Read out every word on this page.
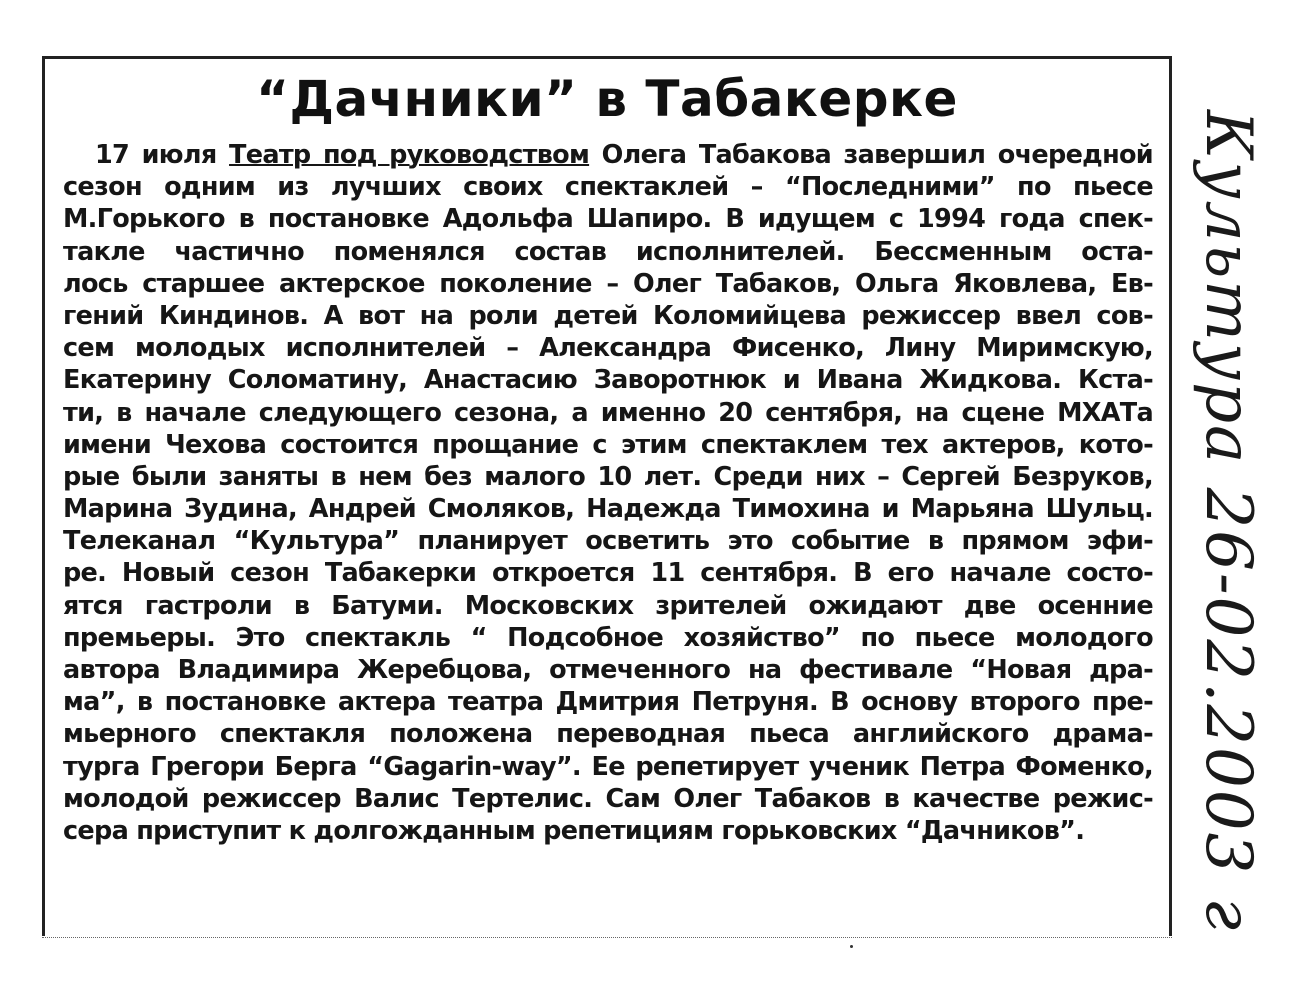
“Дачники” в Табакерке
17 июля Театр под руководством Олега Табакова завершил очередной
сезон одним из лучших своих спектаклей – “Последними” по пьесе
М.Горького в постановке Адольфа Шапиро. В идущем с 1994 года спек-
такле частично поменялся состав исполнителей. Бессменным оста-
лось старшее актерское поколение – Олег Табаков, Ольга Яковлева, Ев-
гений Киндинов. А вот на роли детей Коломийцева режиссер ввел сов-
сем молодых исполнителей – Александра Фисенко, Лину Миримскую,
Екатерину Соломатину, Анастасию Заворотнюк и Ивана Жидкова. Кста-
ти, в начале следующего сезона, а именно 20 сентября, на сцене МХАТа
имени Чехова состоится прощание с этим спектаклем тех актеров, кото-
рые были заняты в нем без малого 10 лет. Среди них – Сергей Безруков,
Марина Зудина, Андрей Смоляков, Надежда Тимохина и Марьяна Шульц.
Телеканал “Культура” планирует осветить это событие в прямом эфи-
ре. Новый сезон Табакерки откроется 11 сентября. В его начале состо-
ятся гастроли в Батуми. Московских зрителей ожидают две осенние
премьеры. Это спектакль “ Подсобное хозяйство” по пьесе молодого
автора Владимира Жеребцова, отмеченного на фестивале “Новая дра-
ма”, в постановке актера театра Дмитрия Петруня. В основу второго пре-
мьерного спектакля положена переводная пьеса английского драма-
турга Грегори Берга “Gagarin-way”. Ее репетирует ученик Петра Фоменко,
молодой режиссер Валис Тертелис. Сам Олег Табаков в качестве режис-
сера приступит к долгожданным репетициям горьковских “Дачников”.	Культура 26-02.2003 г
